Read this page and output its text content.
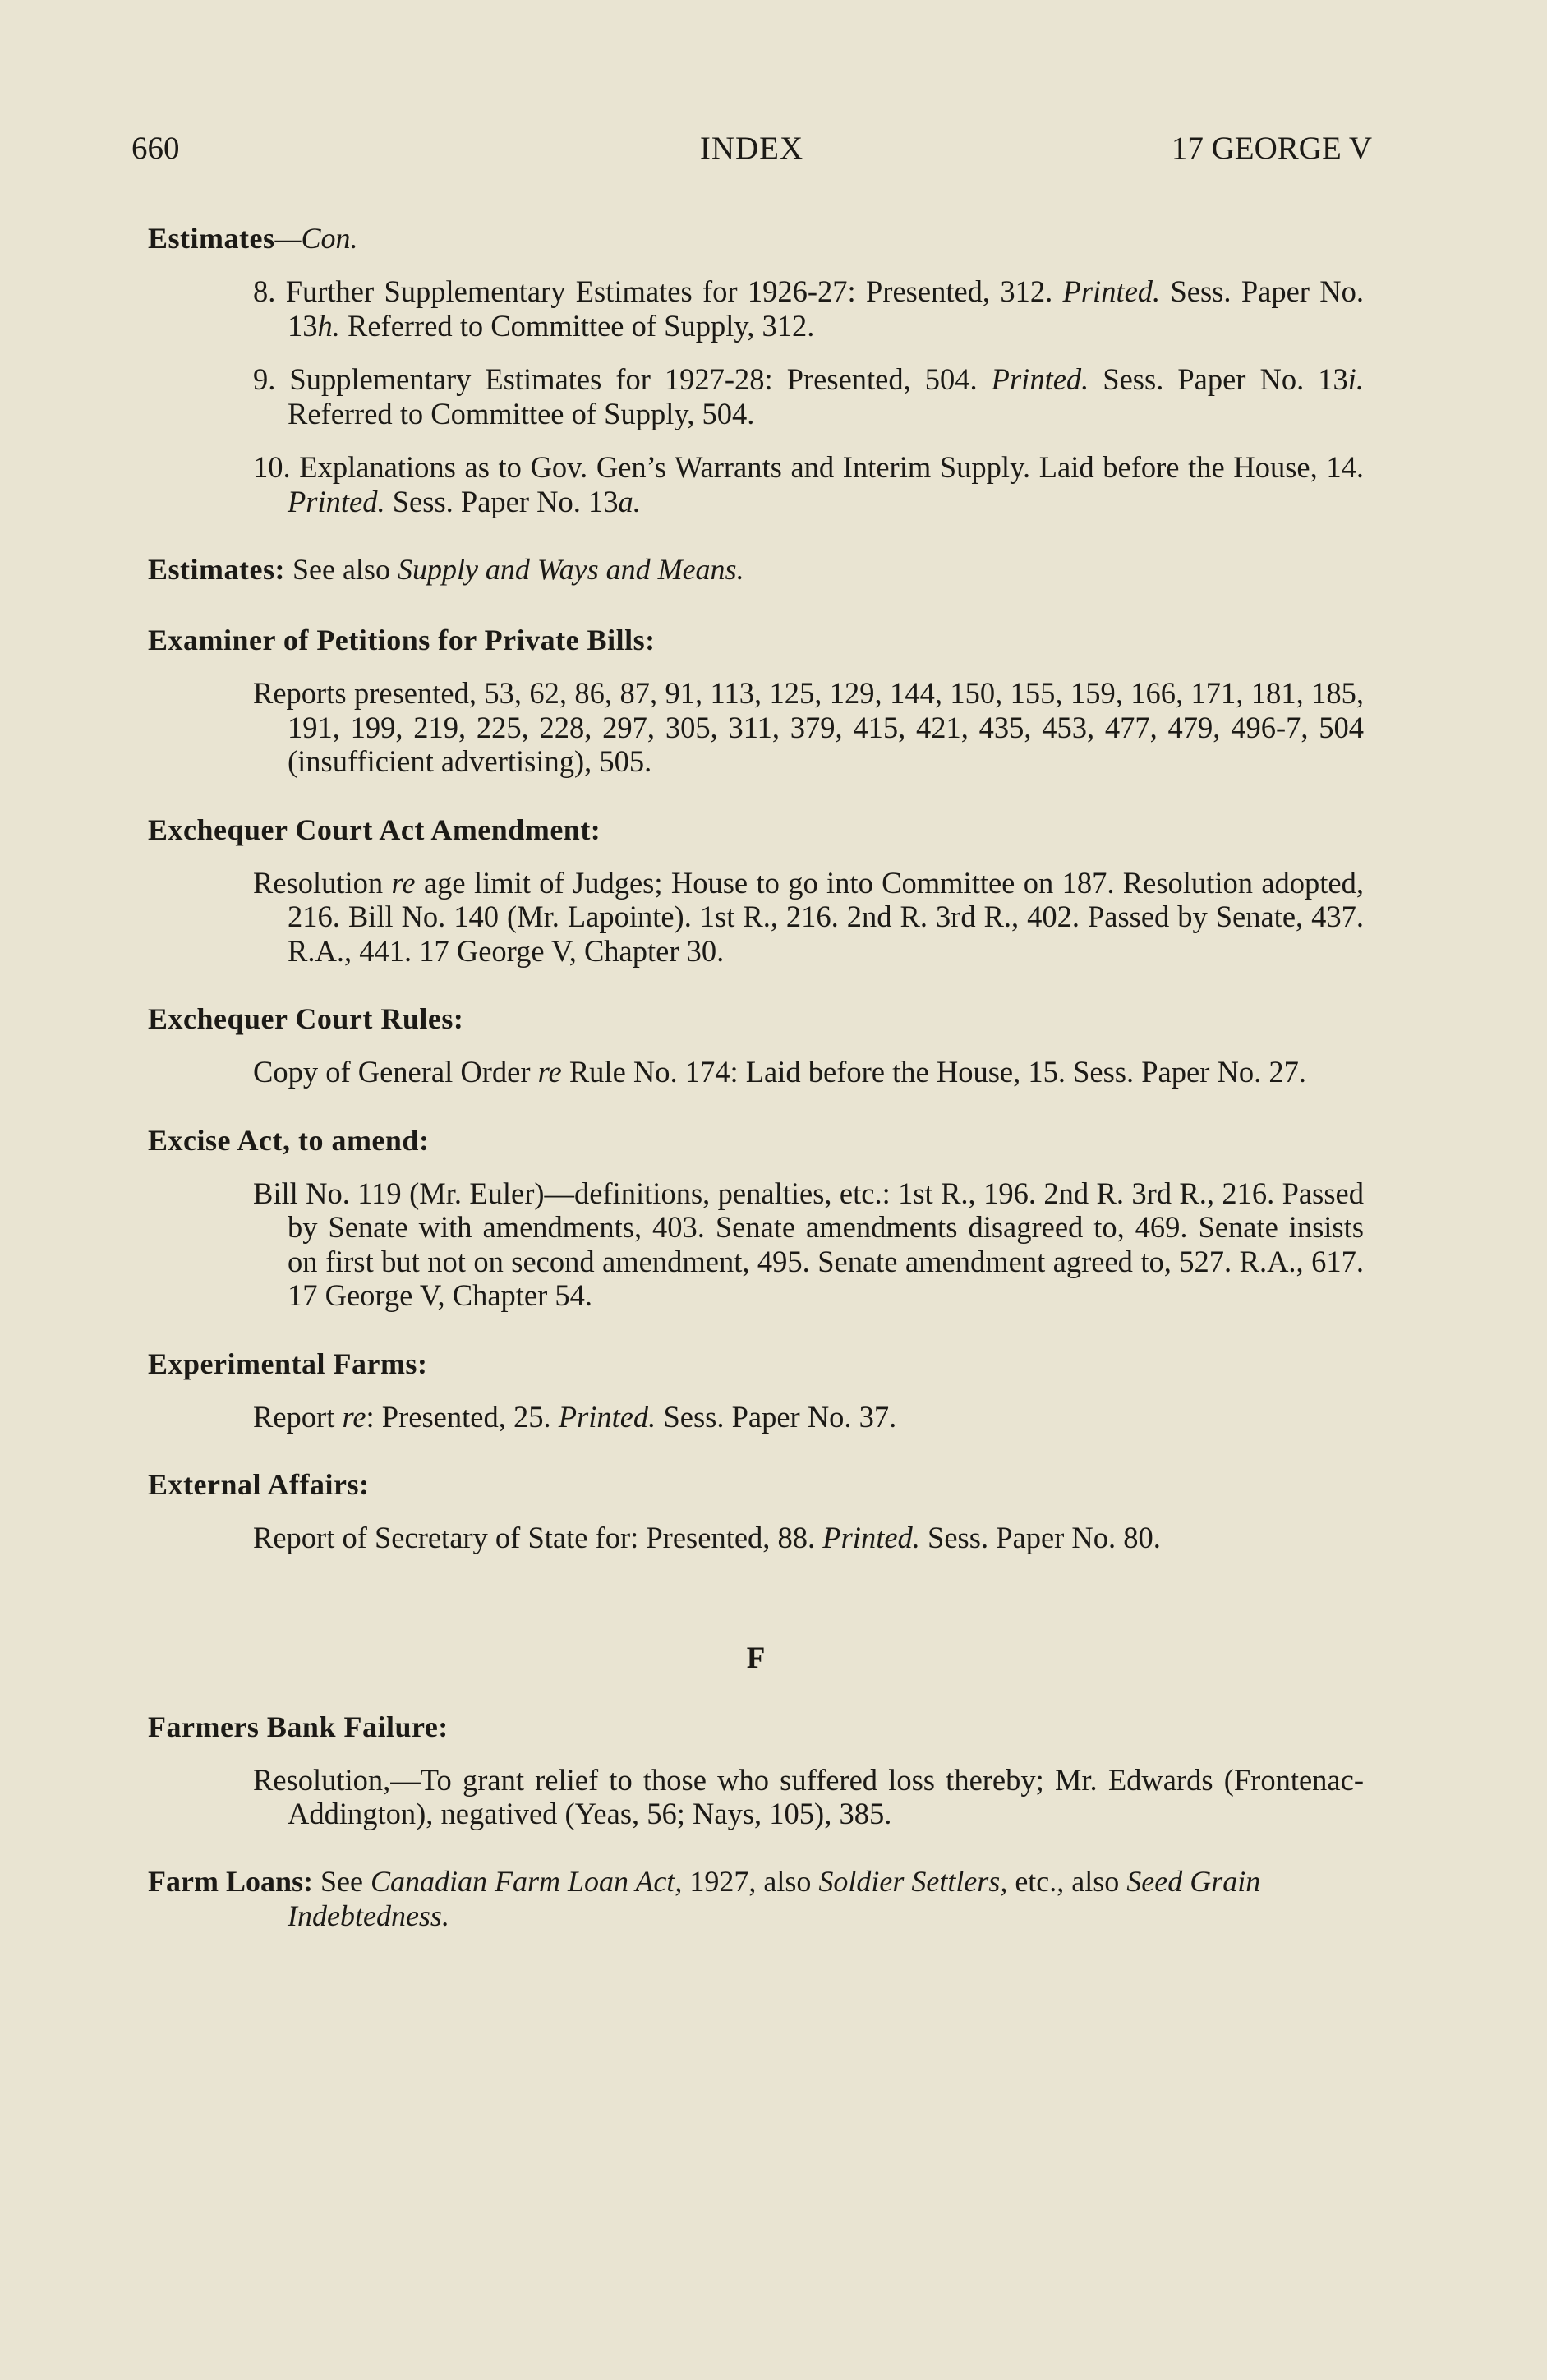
660	INDEX	17 GEORGE V

Estimates—Con.

8. Further Supplementary Estimates for 1926-27: Presented, 312. Printed. Sess. Paper No. 13h. Referred to Committee of Supply, 312.

9. Supplementary Estimates for 1927-28: Presented, 504. Printed. Sess. Paper No. 13i. Referred to Committee of Supply, 504.

10. Explanations as to Gov. Gen’s Warrants and Interim Supply. Laid before the House, 14. Printed. Sess. Paper No. 13a.

Estimates: See also Supply and Ways and Means.

Examiner of Petitions for Private Bills:

Reports presented, 53, 62, 86, 87, 91, 113, 125, 129, 144, 150, 155, 159, 166, 171, 181, 185, 191, 199, 219, 225, 228, 297, 305, 311, 379, 415, 421, 435, 453, 477, 479, 496-7, 504 (insufficient advertising), 505.

Exchequer Court Act Amendment:

Resolution re age limit of Judges; House to go into Committee on 187. Resolution adopted, 216. Bill No. 140 (Mr. Lapointe). 1st R., 216. 2nd R. 3rd R., 402. Passed by Senate, 437. R.A., 441. 17 George V, Chapter 30.

Exchequer Court Rules:

Copy of General Order re Rule No. 174: Laid before the House, 15. Sess. Paper No. 27.

Excise Act, to amend:

Bill No. 119 (Mr. Euler)—definitions, penalties, etc.: 1st R., 196. 2nd R. 3rd R., 216. Passed by Senate with amendments, 403. Senate amendments disagreed to, 469. Senate insists on first but not on second amendment, 495. Senate amendment agreed to, 527. R.A., 617. 17 George V, Chapter 54.

Experimental Farms:

Report re: Presented, 25. Printed. Sess. Paper No. 37.

External Affairs:

Report of Secretary of State for: Presented, 88. Printed. Sess. Paper No. 80.

F

Farmers Bank Failure:

Resolution,—To grant relief to those who suffered loss thereby; Mr. Edwards (Frontenac-Addington), negatived (Yeas, 56; Nays, 105), 385.

Farm Loans: See Canadian Farm Loan Act, 1927, also Soldier Settlers, etc., also Seed Grain Indebtedness.
